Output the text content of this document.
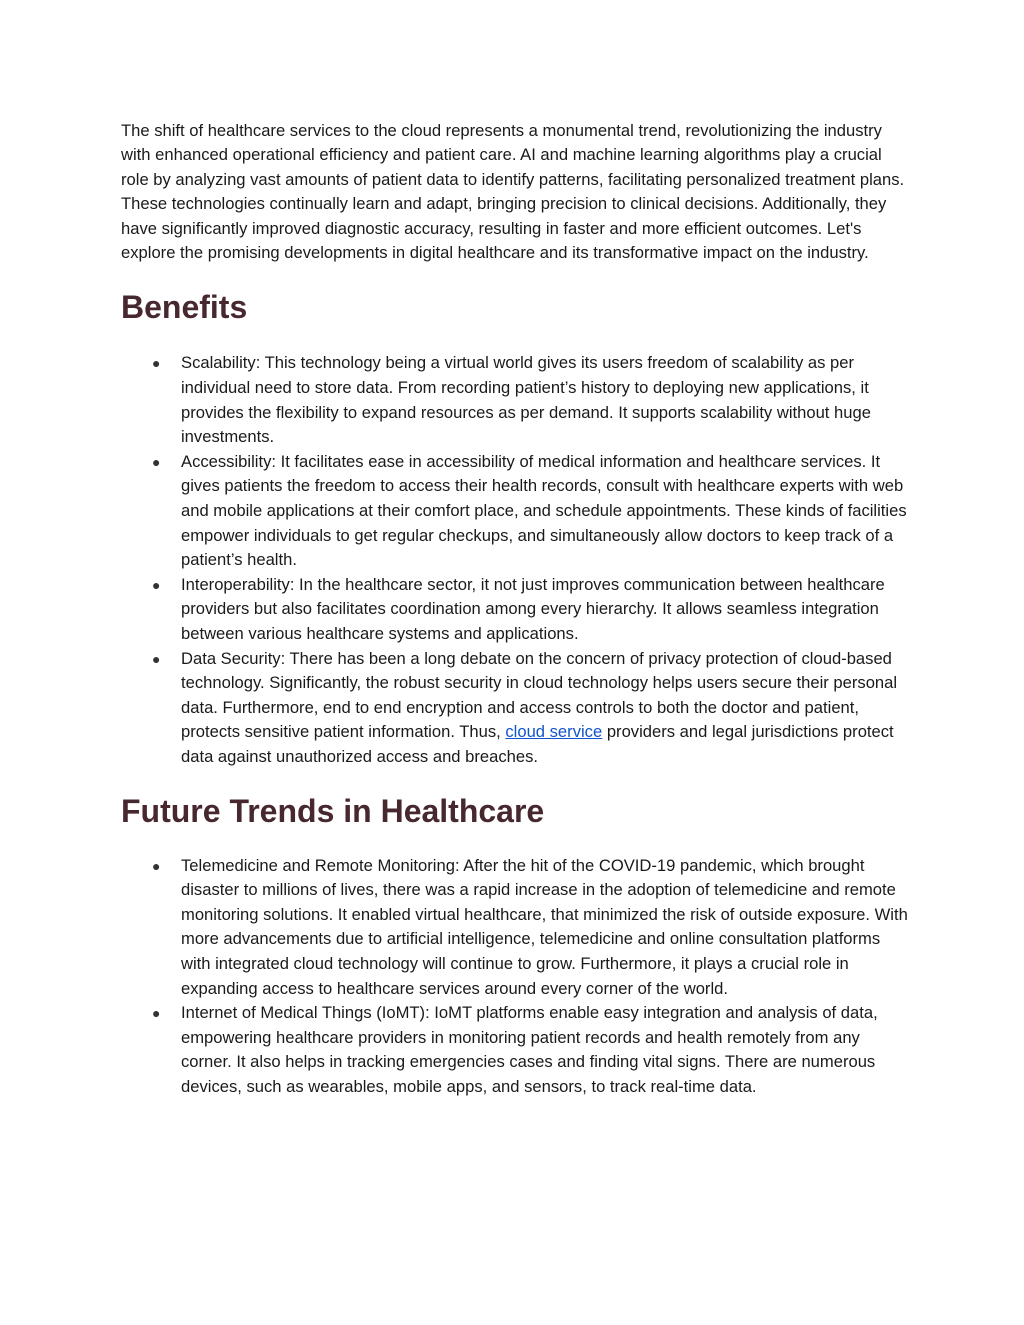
The shift of healthcare services to the cloud represents a monumental trend, revolutionizing the industry with enhanced operational efficiency and patient care. AI and machine learning algorithms play a crucial role by analyzing vast amounts of patient data to identify patterns, facilitating personalized treatment plans. These technologies continually learn and adapt, bringing precision to clinical decisions. Additionally, they have significantly improved diagnostic accuracy, resulting in faster and more efficient outcomes. Let's explore the promising developments in digital healthcare and its transformative impact on the industry.

Benefits
● Scalability: This technology being a virtual world gives its users freedom of scalability as per individual need to store data. From recording patient’s history to deploying new applications, it provides the flexibility to expand resources as per demand. It supports scalability without huge investments.
● Accessibility: It facilitates ease in accessibility of medical information and healthcare services. It gives patients the freedom to access their health records, consult with healthcare experts with web and mobile applications at their comfort place, and schedule appointments. These kinds of facilities empower individuals to get regular checkups, and simultaneously allow doctors to keep track of a patient’s health.
● Interoperability: In the healthcare sector, it not just improves communication between healthcare providers but also facilitates coordination among every hierarchy. It allows seamless integration between various healthcare systems and applications.
● Data Security: There has been a long debate on the concern of privacy protection of cloud-based technology. Significantly, the robust security in cloud technology helps users secure their personal data. Furthermore, end to end encryption and access controls to both the doctor and patient, protects sensitive patient information. Thus, cloud service providers and legal jurisdictions protect data against unauthorized access and breaches.
Future Trends in Healthcare
● Telemedicine and Remote Monitoring: After the hit of the COVID-19 pandemic, which brought disaster to millions of lives, there was a rapid increase in the adoption of telemedicine and remote monitoring solutions. It enabled virtual healthcare, that minimized the risk of outside exposure. With more advancements due to artificial intelligence, telemedicine and online consultation platforms with integrated cloud technology will continue to grow. Furthermore, it plays a crucial role in expanding access to healthcare services around every corner of the world.
● Internet of Medical Things (IoMT): IoMT platforms enable easy integration and analysis of data, empowering healthcare providers in monitoring patient records and health remotely from any corner. It also helps in tracking emergencies cases and finding vital signs. There are numerous devices, such as wearables, mobile apps, and sensors, to track real-time data.
